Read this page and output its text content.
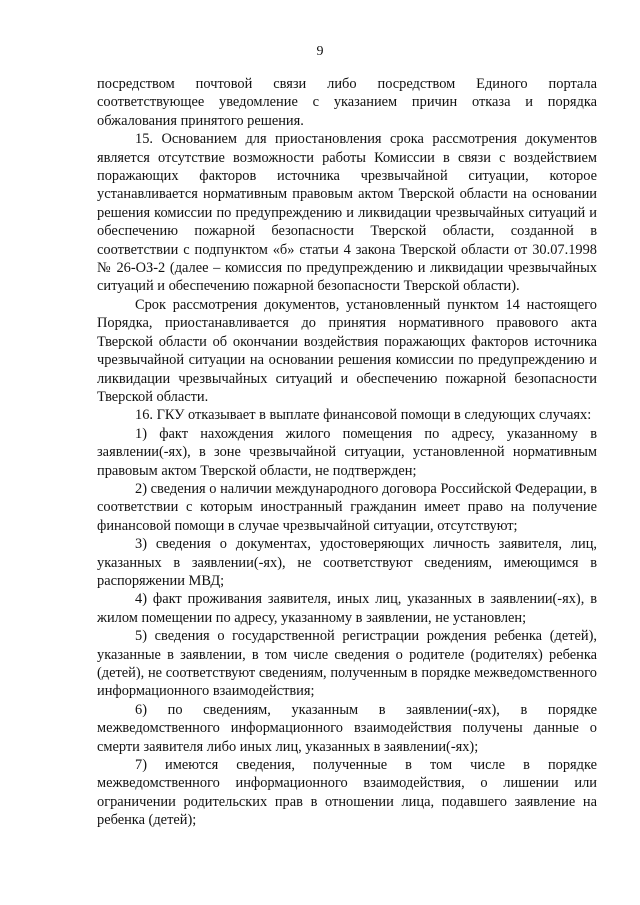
9

посредством почтовой связи либо посредством Единого портала соответствующее уведомление с указанием причин отказа и порядка обжалования принятого решения.

15. Основанием для приостановления срока рассмотрения документов является отсутствие возможности работы Комиссии в связи с воздействием поражающих факторов источника чрезвычайной ситуации, которое устанавливается нормативным правовым актом Тверской области на основании решения комиссии по предупреждению и ликвидации чрезвычайных ситуаций и обеспечению пожарной безопасности Тверской области, созданной в соответствии с подпунктом «б» статьи 4 закона Тверской области от 30.07.1998 № 26-ОЗ-2 (далее – комиссия по предупреждению и ликвидации чрезвычайных ситуаций и обеспечению пожарной безопасности Тверской области).

Срок рассмотрения документов, установленный пунктом 14 настоящего Порядка, приостанавливается до принятия нормативного правового акта Тверской области об окончании воздействия поражающих факторов источника чрезвычайной ситуации на основании решения комиссии по предупреждению и ликвидации чрезвычайных ситуаций и обеспечению пожарной безопасности Тверской области.

16. ГКУ отказывает в выплате финансовой помощи в следующих случаях:

1) факт нахождения жилого помещения по адресу, указанному в заявлении(-ях), в зоне чрезвычайной ситуации, установленной нормативным правовым актом Тверской области, не подтвержден;

2) сведения о наличии международного договора Российской Федерации, в соответствии с которым иностранный гражданин имеет право на получение финансовой помощи в случае чрезвычайной ситуации, отсутствуют;

3) сведения о документах, удостоверяющих личность заявителя, лиц, указанных в заявлении(-ях), не соответствуют сведениям, имеющимся в распоряжении МВД;

4) факт проживания заявителя, иных лиц, указанных в заявлении(-ях), в жилом помещении по адресу, указанному в заявлении, не установлен;

5) сведения о государственной регистрации рождения ребенка (детей), указанные в заявлении, в том числе сведения о родителе (родителях) ребенка (детей), не соответствуют сведениям, полученным в порядке межведомственного информационного взаимодействия;

6) по сведениям, указанным в заявлении(-ях), в порядке межведомственного информационного взаимодействия получены данные о смерти заявителя либо иных лиц, указанных в заявлении(-ях);

7) имеются сведения, полученные в том числе в порядке межведомственного информационного взаимодействия, о лишении или ограничении родительских прав в отношении лица, подавшего заявление на ребенка (детей);
